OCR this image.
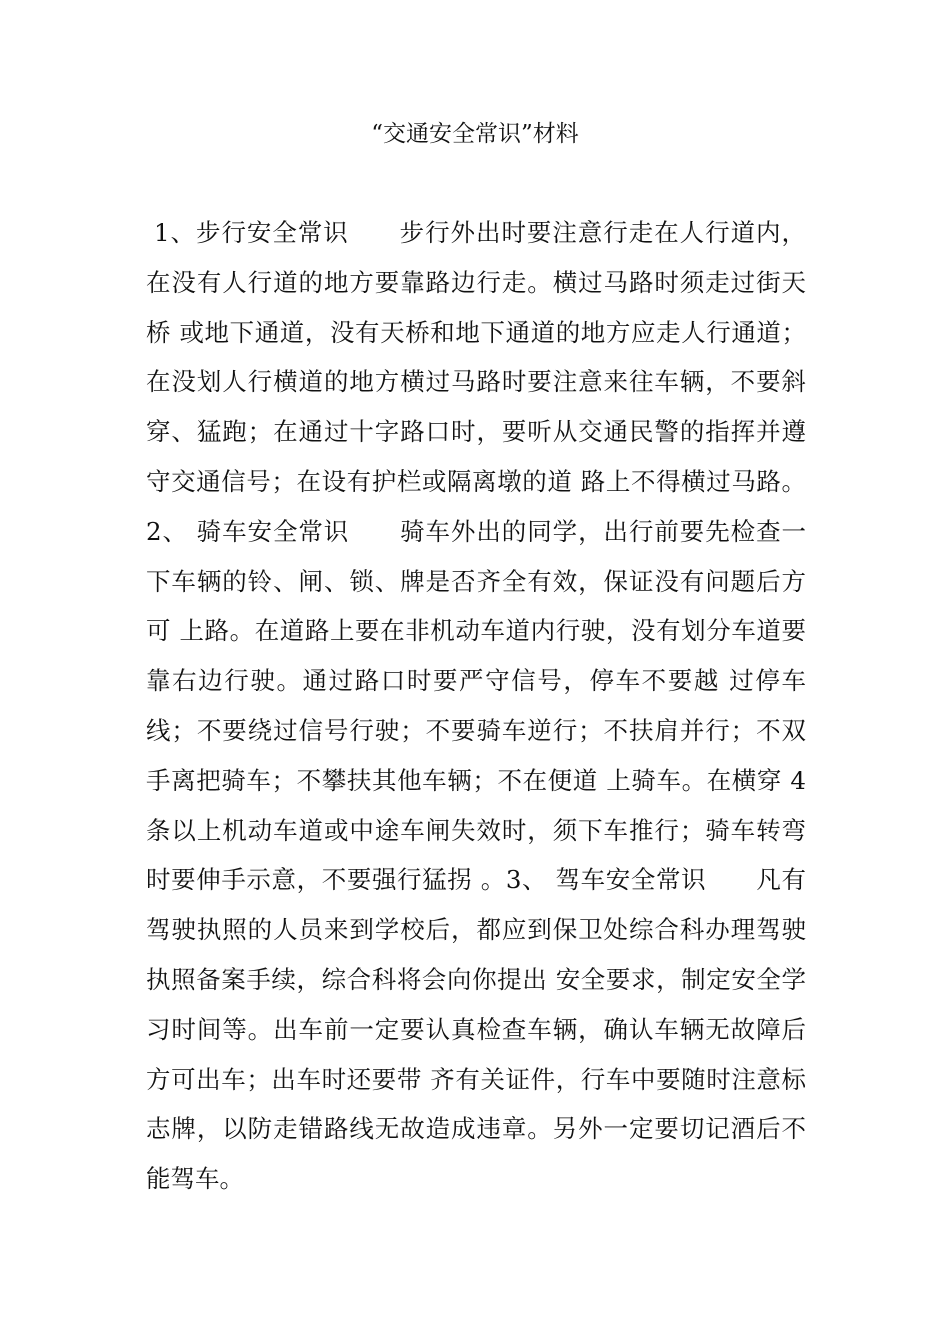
“交通安全常识”材料

1、步行安全常识　　步行外出时要注意行走在人行道内，在没有人行道的地方要靠路边行走。横过马路时须走过街天桥 或地下通道，没有天桥和地下通道的地方应走人行通道；在没划人行横道的地方横过马路时要注意来往车辆，不要斜穿、猛跑；在通过十字路口时，要听从交通民警的指挥并遵守交通信号；在设有护栏或隔离墩的道 路上不得横过马路。2、 骑车安全常识　　骑车外出的同学，出行前要先检查一下车辆的铃、闸、锁、牌是否齐全有效，保证没有问题后方可 上路。在道路上要在非机动车道内行驶，没有划分车道要靠右边行驶。通过路口时要严守信号，停车不要越 过停车线；不要绕过信号行驶；不要骑车逆行；不扶肩并行；不双手离把骑车；不攀扶其他车辆；不在便道 上骑车。在横穿 4 条以上机动车道或中途车闸失效时，须下车推行；骑车转弯时要伸手示意，不要强行猛拐 。3、 驾车安全常识　　凡有驾驶执照的人员来到学校后，都应到保卫处综合科办理驾驶执照备案手续，综合科将会向你提出 安全要求，制定安全学习时间等。出车前一定要认真检查车辆，确认车辆无故障后方可出车；出车时还要带 齐有关证件，行车中要随时注意标志牌，以防走错路线无故造成违章。另外一定要切记酒后不能驾车。
